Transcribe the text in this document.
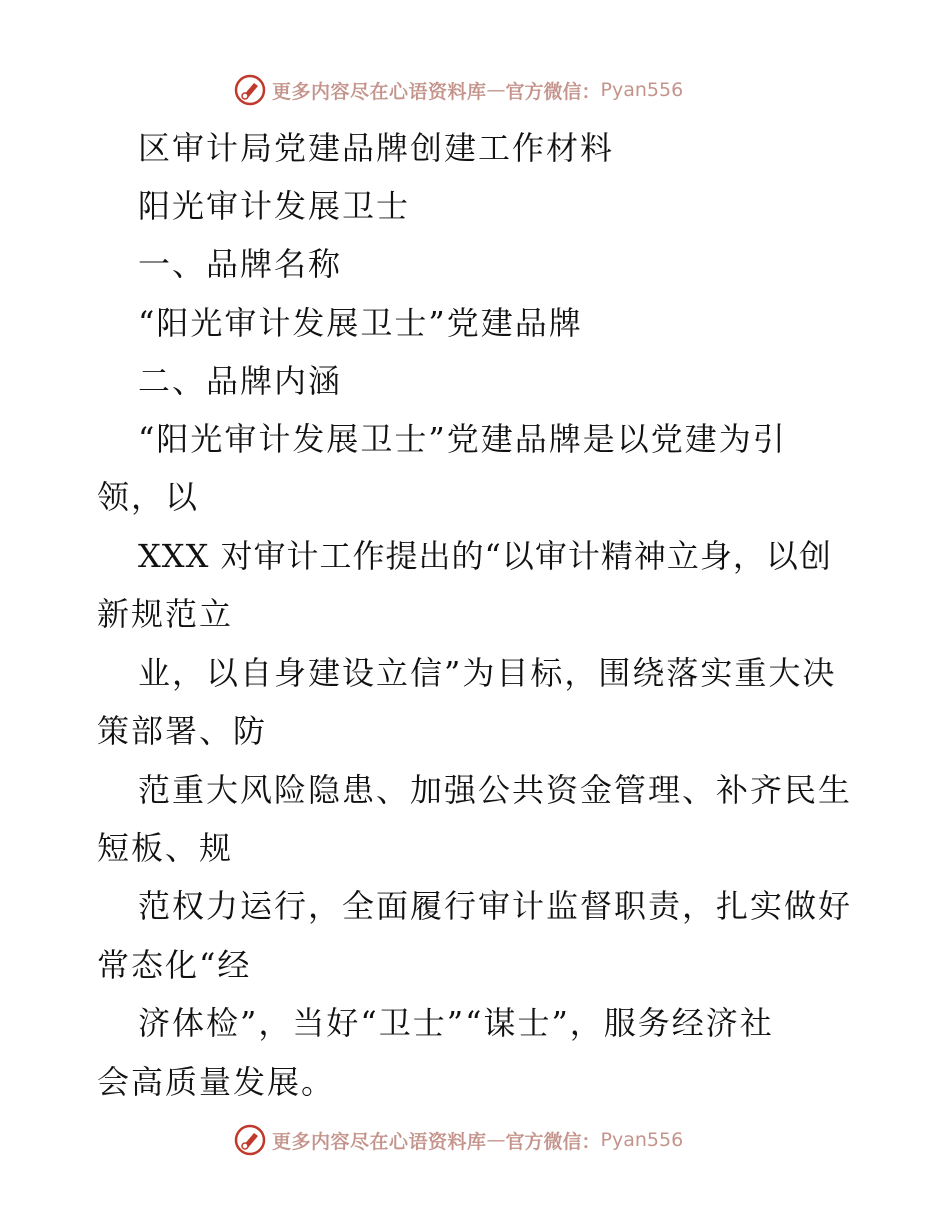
更多内容尽在心语资料库 — 官方微信： Pyan556
区审计局党建品牌创建工作材料
阳光审计发展卫士
一、品牌名称
“阳光审计发展卫士”党建品牌
二、品牌内涵
“阳光审计发展卫士”党建品牌是以党建为引
领，以
XXX 对审计工作提出的“以审计精神立身，以创
新规范立
业，以自身建设立信”为目标，围绕落实重大决
策部署、防
范重大风险隐患、加强公共资金管理、补齐民生
短板、规
范权力运行，全面履行审计监督职责，扎实做好
常态化“经
济体检”，当好“卫士”“谋士”，服务经济社
会高质量发展。
更多内容尽在心语资料库 — 官方微信： Pyan556
